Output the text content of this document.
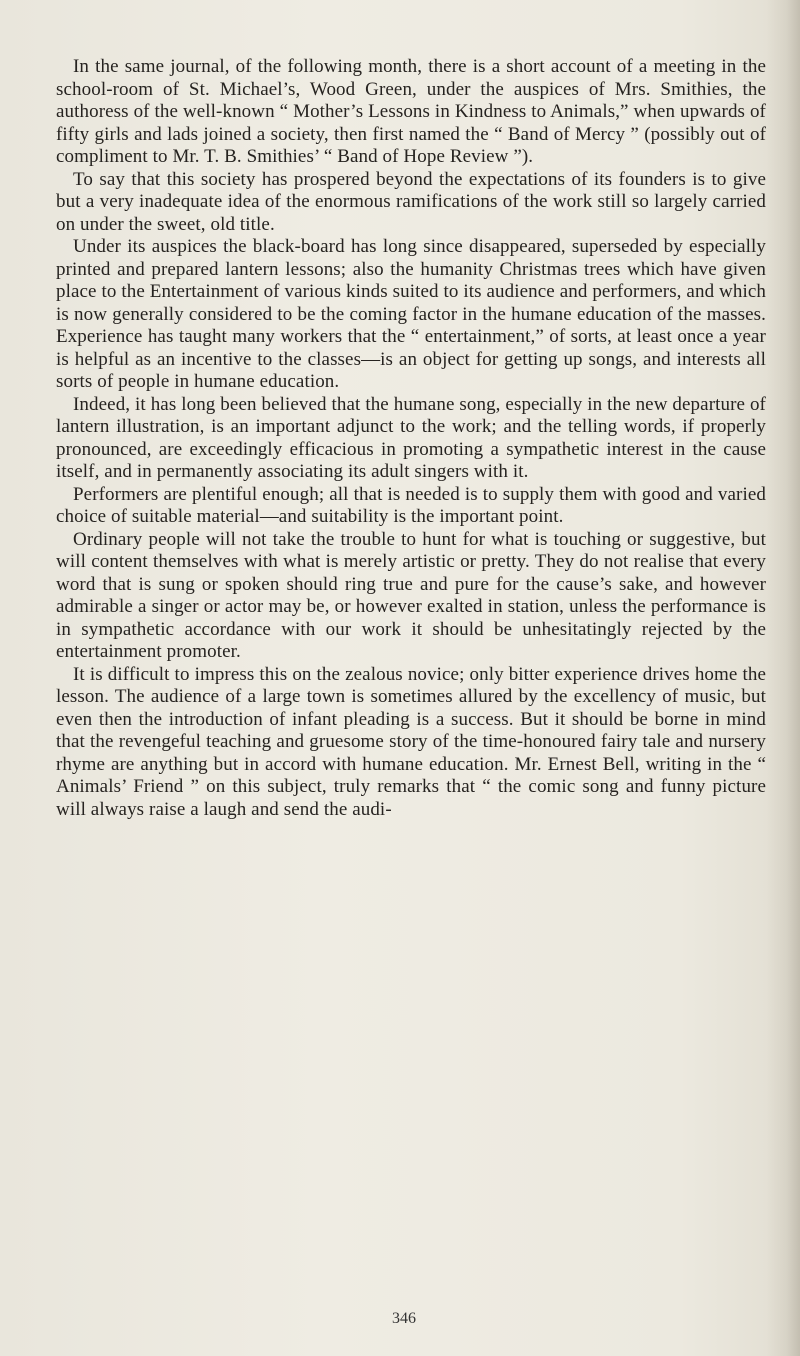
In the same journal, of the following month, there is a short account of a meeting in the school-room of St. Michael’s, Wood Green, under the auspices of Mrs. Smithies, the authoress of the well-known “ Mother’s Lessons in Kindness to Animals,” when upwards of fifty girls and lads joined a society, then first named the “ Band of Mercy ” (possibly out of compliment to Mr. T. B. Smithies’ “ Band of Hope Review ”).

To say that this society has prospered beyond the expectations of its founders is to give but a very inadequate idea of the enormous ramifications of the work still so largely carried on under the sweet, old title.

Under its auspices the black-board has long since disappeared, superseded by especially printed and prepared lantern lessons; also the humanity Christmas trees which have given place to the Entertainment of various kinds suited to its audience and performers, and which is now generally considered to be the coming factor in the humane education of the masses. Experience has taught many workers that the “ entertainment,” of sorts, at least once a year is helpful as an incentive to the classes—is an object for getting up songs, and interests all sorts of people in humane education.

Indeed, it has long been believed that the humane song, especially in the new departure of lantern illustration, is an important adjunct to the work; and the telling words, if properly pronounced, are exceedingly efficacious in promoting a sympathetic interest in the cause itself, and in permanently associating its adult singers with it.

Performers are plentiful enough; all that is needed is to supply them with good and varied choice of suitable material—and suitability is the important point.

Ordinary people will not take the trouble to hunt for what is touching or suggestive, but will content themselves with what is merely artistic or pretty. They do not realise that every word that is sung or spoken should ring true and pure for the cause’s sake, and however admirable a singer or actor may be, or however exalted in station, unless the performance is in sympathetic accordance with our work it should be unhesitatingly rejected by the entertainment promoter.

It is difficult to impress this on the zealous novice; only bitter experience drives home the lesson. The audience of a large town is sometimes allured by the excellency of music, but even then the introduction of infant pleading is a success. But it should be borne in mind that the revengeful teaching and gruesome story of the time-honoured fairy tale and nursery rhyme are anything but in accord with humane education. Mr. Ernest Bell, writing in the “ Animals’ Friend ” on this subject, truly remarks that “ the comic song and funny picture will always raise a laugh and send the audi-

346
